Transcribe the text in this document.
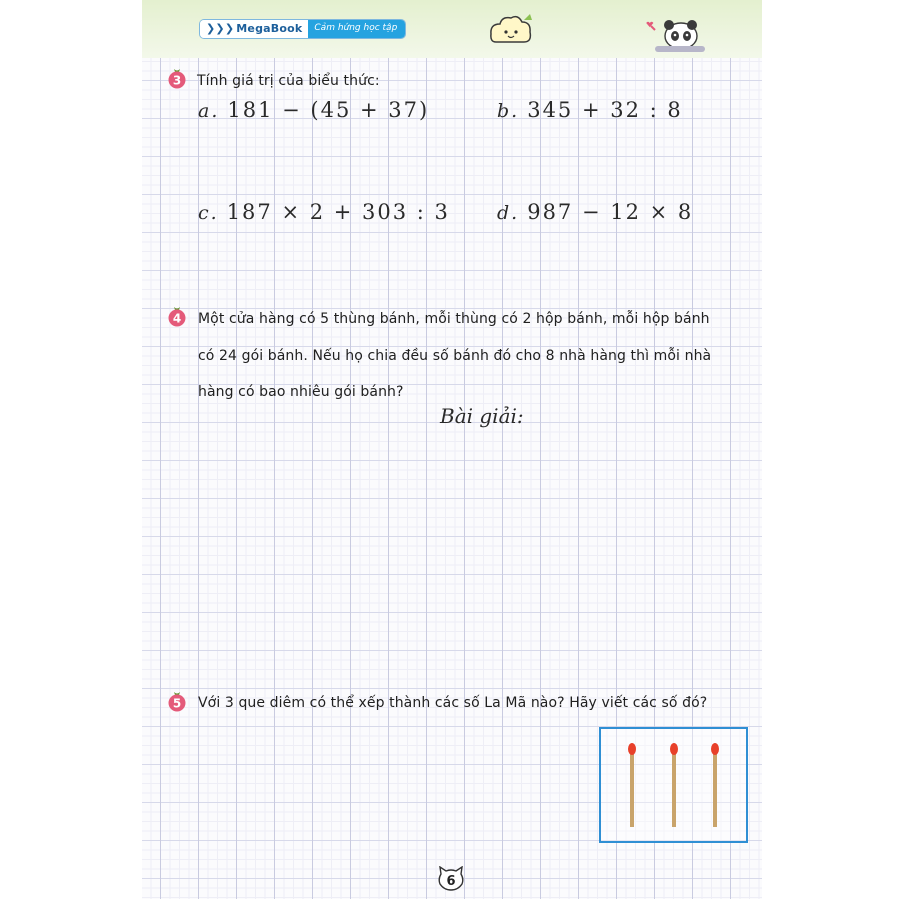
❯❯❯ MegaBook	Cảm hứng học tập
3 Tính giá trị của biểu thức:
a. 181 − (45 + 37)	b. 345 + 32 : 8
c. 187 × 2 + 303 : 3 d. 987 − 12 × 8
4 Một cửa hàng có 5 thùng bánh, mỗi thùng có 2 hộp bánh, mỗi hộp bánh
có 24 gói bánh. Nếu họ chia đều số bánh đó cho 8 nhà hàng thì mỗi nhà
hàng có bao nhiêu gói bánh?
Bài giải:
5 Với 3 que diêm có thể xếp thành các số La Mã nào? Hãy viết các số đó?
6
